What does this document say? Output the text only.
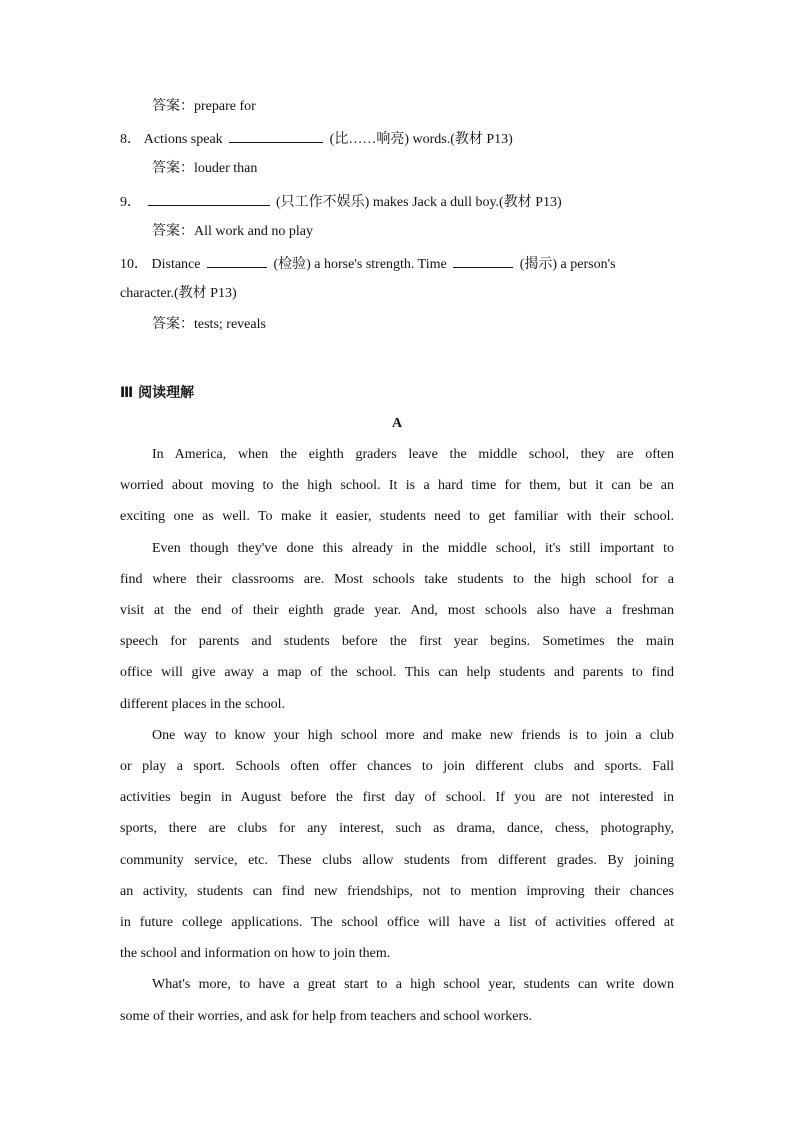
答案：prepare for
8． Actions speak	(比……响亮) words.(教材 P13)
答案：louder than
9．	(只工作不娱乐) makes Jack a dull boy.(教材 P13)
答案：All work and no play
10． Distance	(检验) a horse's strength. Time	(揭示) a person's
character.(教材 P13)
答案：tests; reveals
Ⅲ 阅读理解
A
In America, when the eighth graders leave the middle school, they are often
worried about moving to the high school. It is a hard time for them, but it can be an
exciting one as well. To make it easier, students need to get familiar with their school.
Even though they've done this already in the middle school, it's still important to
find where their classrooms are. Most schools take students to the high school for a
visit at the end of their eighth grade year. And, most schools also have a freshman
speech for parents and students before the first year begins. Sometimes the main
office will give away a map of the school. This can help students and parents to find
different places in the school.
One way to know your high school more and make new friends is to join a club
or play a sport. Schools often offer chances to join different clubs and sports. Fall
activities begin in August before the first day of school. If you are not interested in
sports, there are clubs for any interest, such as drama, dance, chess, photography,
community service, etc. These clubs allow students from different grades. By joining
an activity, students can find new friendships, not to mention improving their chances
in future college applications. The school office will have a list of activities offered at
the school and information on how to join them.
What's more, to have a great start to a high school year, students can write down
some of their worries, and ask for help from teachers and school workers.
